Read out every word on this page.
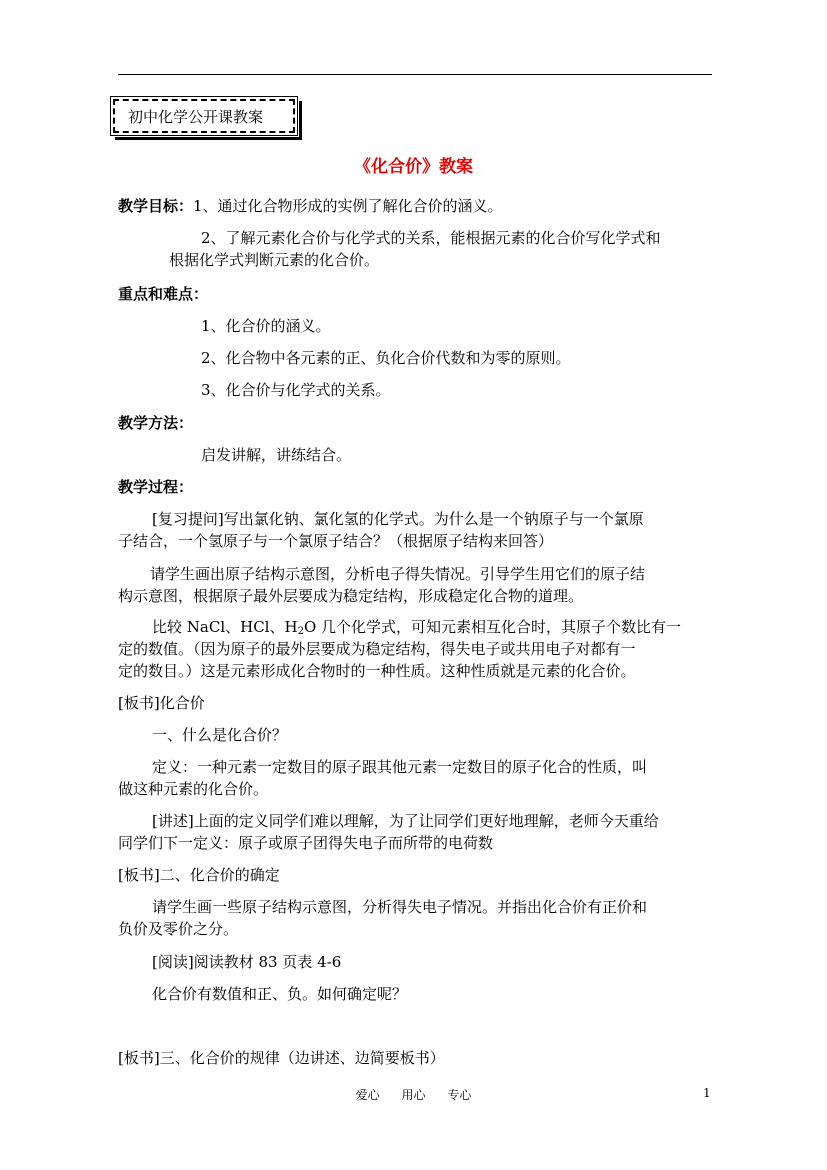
初中化学公开课教案
《化合价》教案
教学目标：1、通过化合物形成的实例了解化合价的涵义。
2、了解元素化合价与化学式的关系，能根据元素的化合价写化学式和
根据化学式判断元素的化合价。
重点和难点：
1、化合价的涵义。
2、化合物中各元素的正、负化合价代数和为零的原则。
3、化合价与化学式的关系。
教学方法：
启发讲解，讲练结合。
教学过程：
[复习提问]写出氯化钠、氯化氢的化学式。为什么是一个钠原子与一个氯原
子结合，一个氢原子与一个氯原子结合？（根据原子结构来回答）
请学生画出原子结构示意图，分析电子得失情况。引导学生用它们的原子结
构示意图，根据原子最外层要成为稳定结构，形成稳定化合物的道理。
比较 NaCl、HCl、$H_2O$ 几个化学式，可知元素相互化合时，其原子个数比有一
定的数值。（因为原子的最外层要成为稳定结构，得失电子或共用电子对都有一
定的数目。）这是元素形成化合物时的一种性质。这种性质就是元素的化合价。
[板书]化合价
一、什么是化合价？
定义：一种元素一定数目的原子跟其他元素一定数目的原子化合的性质，叫
做这种元素的化合价。
[讲述]上面的定义同学们难以理解，为了让同学们更好地理解，老师今天重给
同学们下一定义：原子或原子团得失电子而所带的电荷数
[板书]二、化合价的确定
请学生画一些原子结构示意图，分析得失电子情况。并指出化合价有正价和
负价及零价之分。
[阅读]阅读教材 83 页表 4-6
化合价有数值和正、负。如何确定呢？
[板书]三、化合价的规律（边讲述、边简要板书）
爱心 用心 专心	1
